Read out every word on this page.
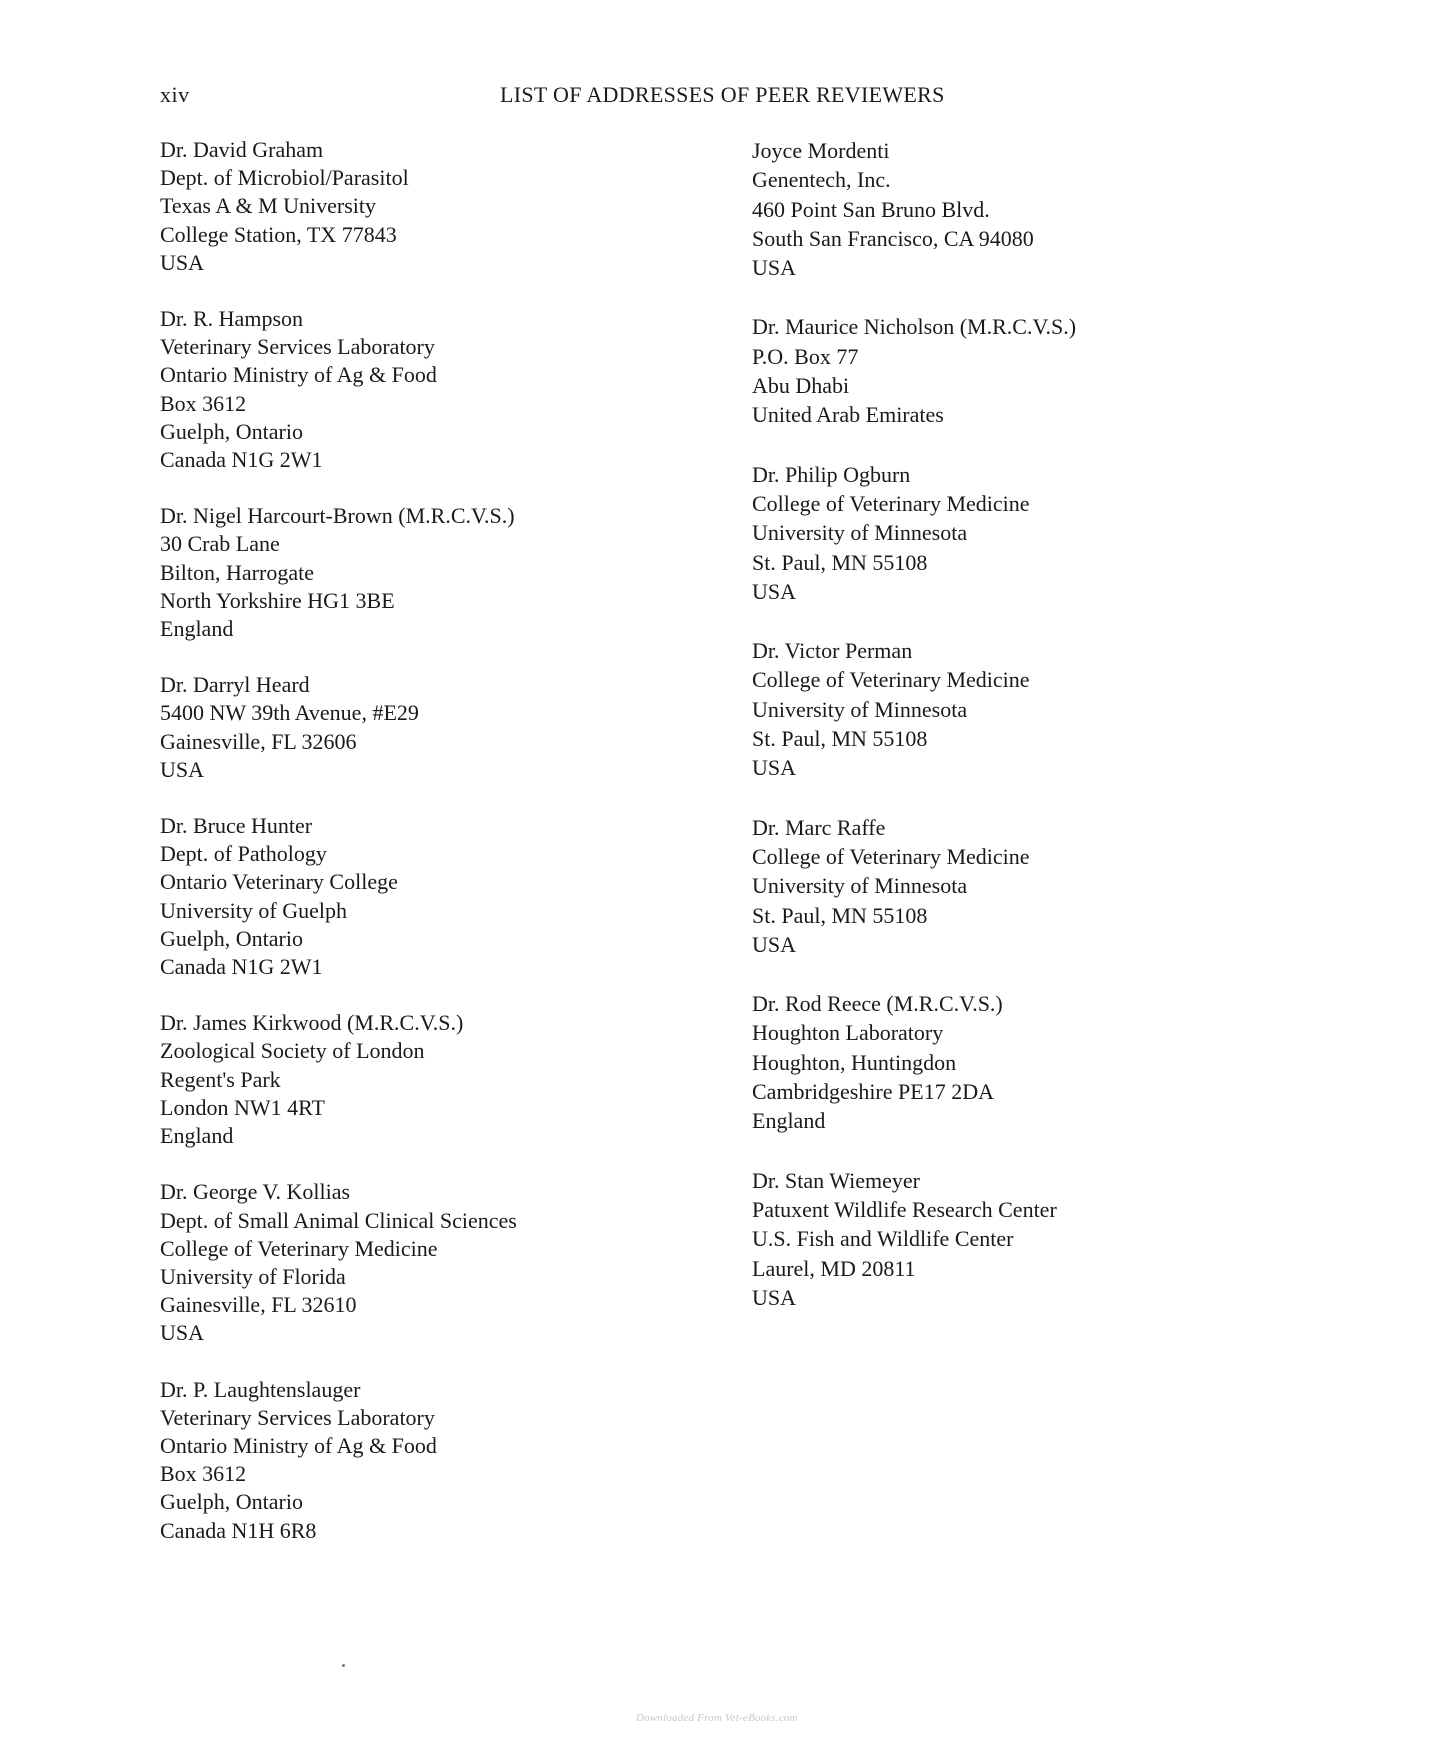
xiv	LIST OF ADDRESSES OF PEER REVIEWERS

Dr. David Graham
Dept. of Microbiol/Parasitol
Texas A & M University
College Station, TX 77843
USA

Dr. R. Hampson
Veterinary Services Laboratory
Ontario Ministry of Ag & Food
Box 3612
Guelph, Ontario
Canada N1G 2W1

Dr. Nigel Harcourt-Brown (M.R.C.V.S.)
30 Crab Lane
Bilton, Harrogate
North Yorkshire HG1 3BE
England

Dr. Darryl Heard
5400 NW 39th Avenue, #E29
Gainesville, FL 32606
USA

Dr. Bruce Hunter
Dept. of Pathology
Ontario Veterinary College
University of Guelph
Guelph, Ontario
Canada N1G 2W1

Dr. James Kirkwood (M.R.C.V.S.)
Zoological Society of London
Regent's Park
London NW1 4RT
England

Dr. George V. Kollias
Dept. of Small Animal Clinical Sciences
College of Veterinary Medicine
University of Florida
Gainesville, FL 32610
USA

Dr. P. Laughtenslauger
Veterinary Services Laboratory
Ontario Ministry of Ag & Food
Box 3612
Guelph, Ontario
Canada N1H 6R8

Joyce Mordenti
Genentech, Inc.
460 Point San Bruno Blvd.
South San Francisco, CA 94080
USA

Dr. Maurice Nicholson (M.R.C.V.S.)
P.O. Box 77
Abu Dhabi
United Arab Emirates

Dr. Philip Ogburn
College of Veterinary Medicine
University of Minnesota
St. Paul, MN 55108
USA

Dr. Victor Perman
College of Veterinary Medicine
University of Minnesota
St. Paul, MN 55108
USA

Dr. Marc Raffe
College of Veterinary Medicine
University of Minnesota
St. Paul, MN 55108
USA

Dr. Rod Reece (M.R.C.V.S.)
Houghton Laboratory
Houghton, Huntingdon
Cambridgeshire PE17 2DA
England

Dr. Stan Wiemeyer
Patuxent Wildlife Research Center
U.S. Fish and Wildlife Center
Laurel, MD 20811
USA

Downloaded From Vet-eBooks.com
